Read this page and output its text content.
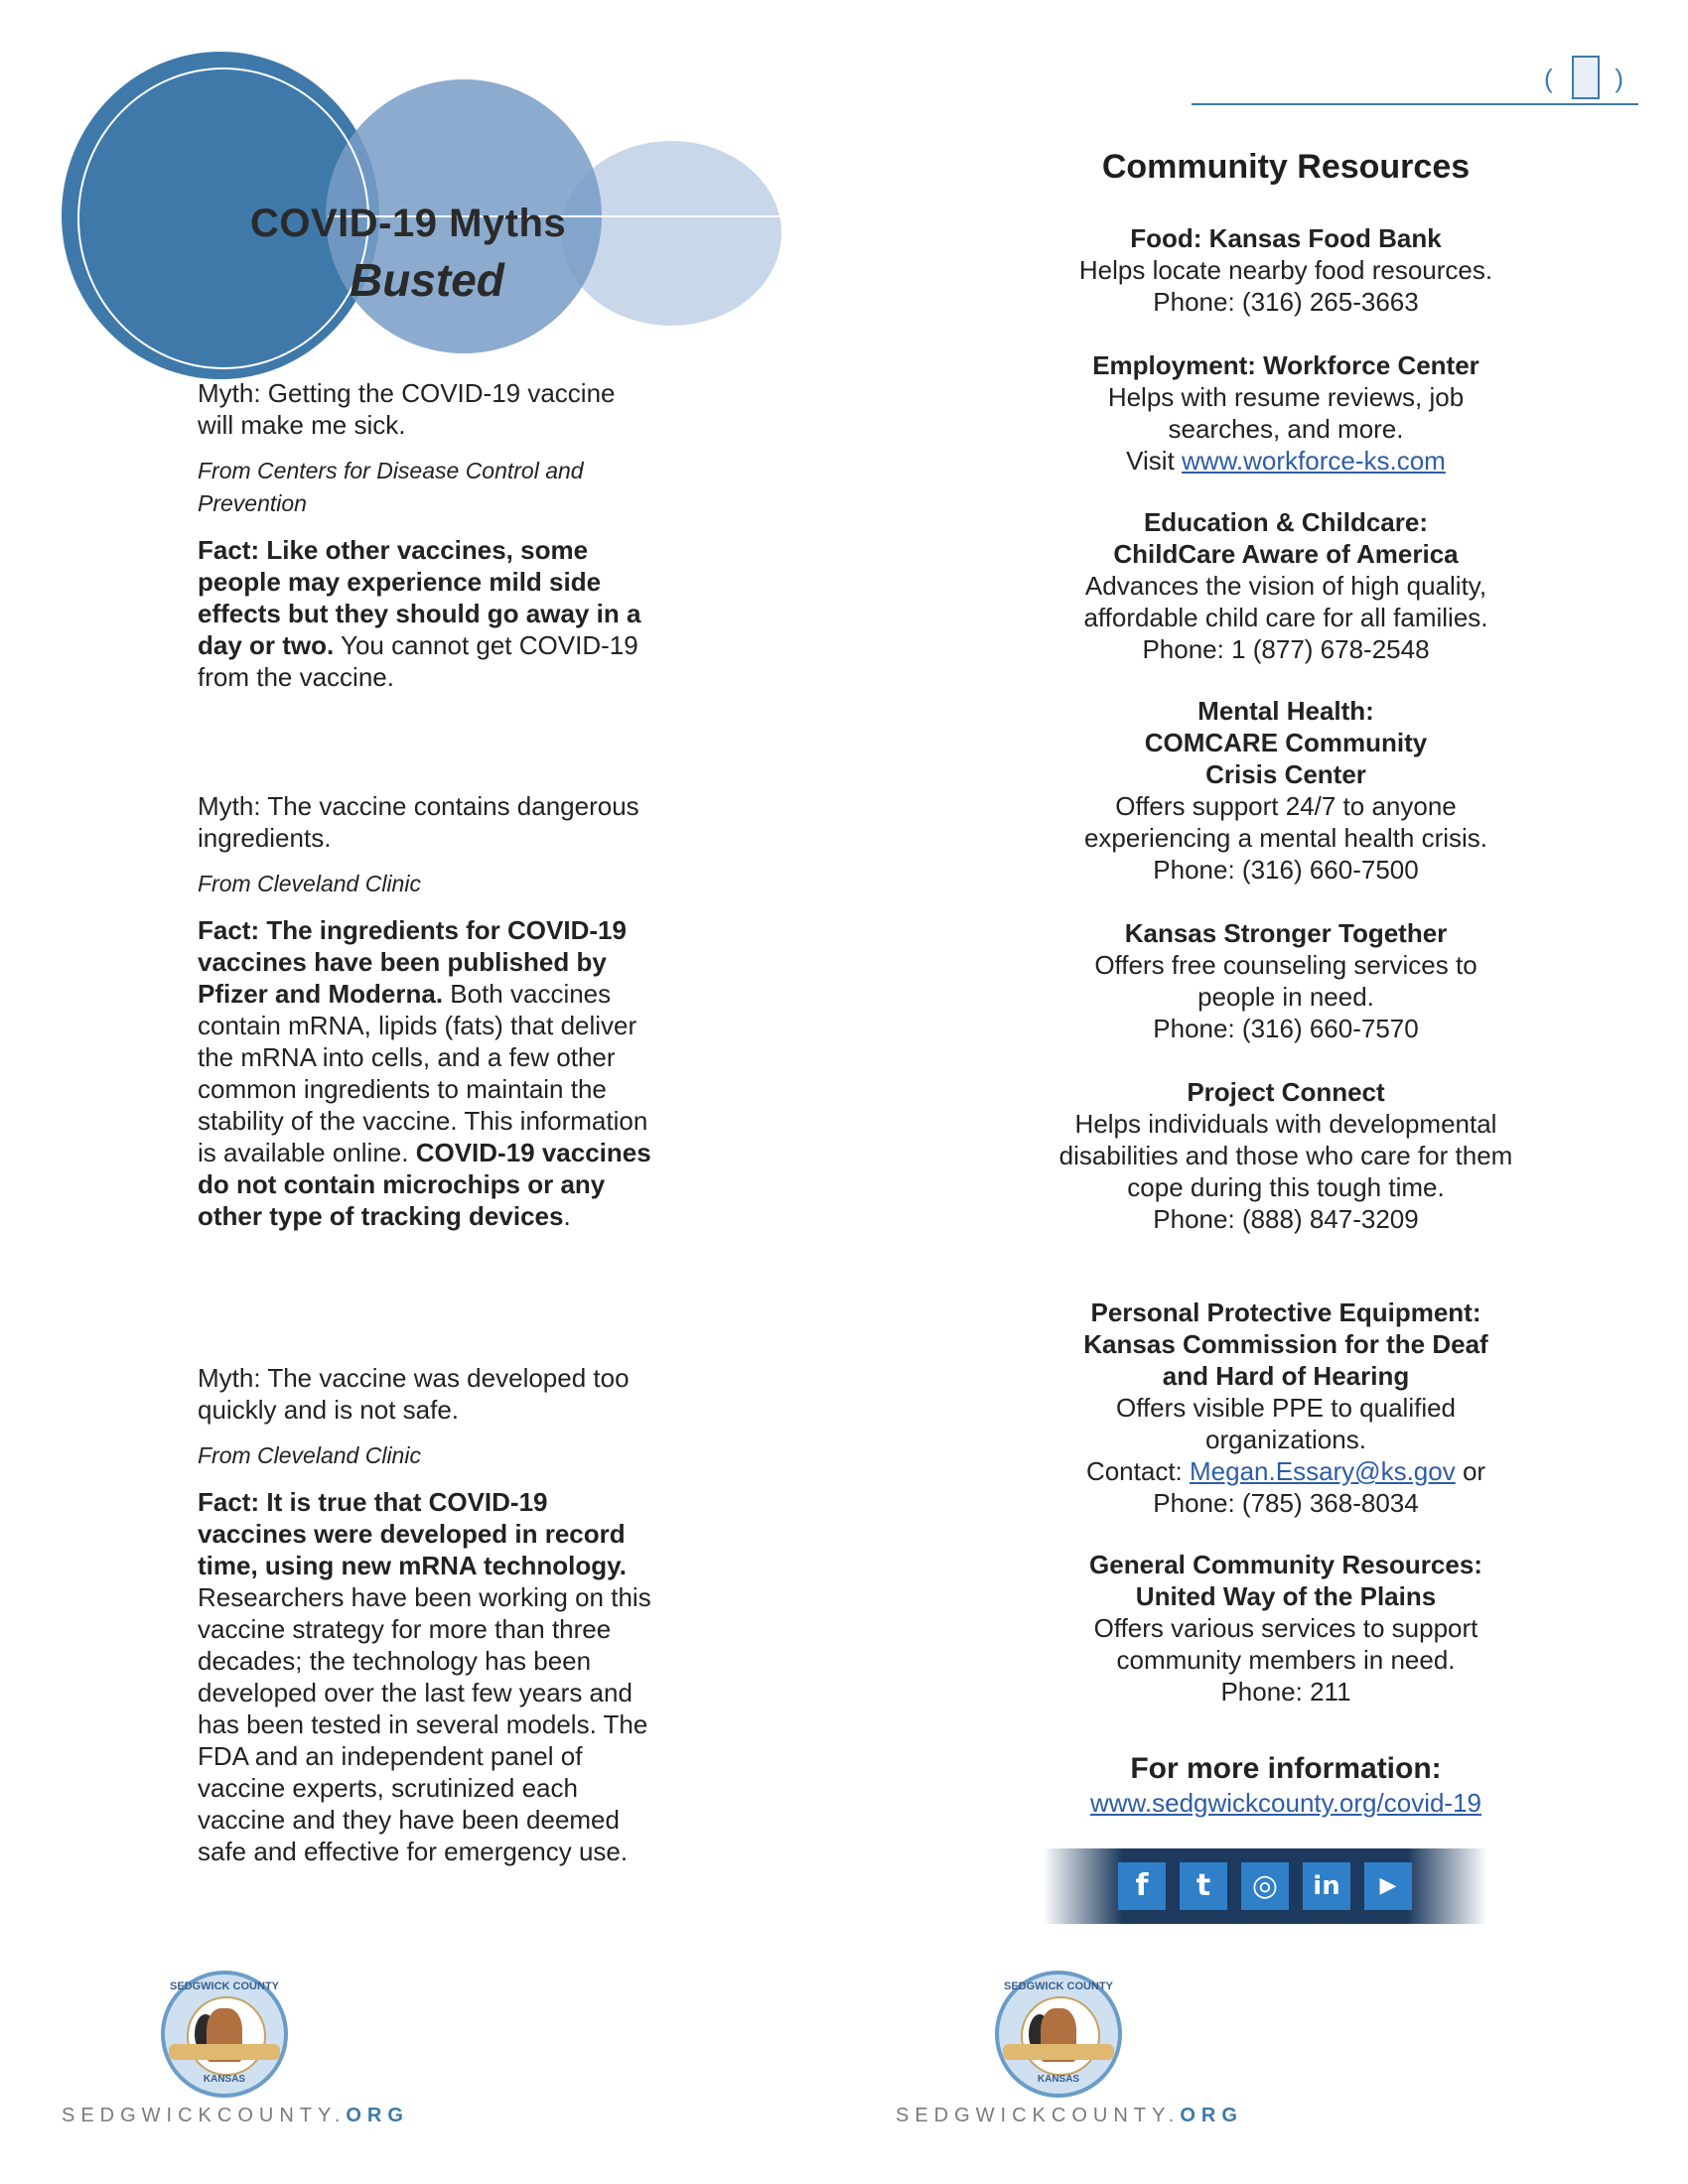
COVID-19 Myths
Busted

Myth: Getting the COVID-19 vaccine will make me sick.

From Centers for Disease Control and Prevention

Fact: Like other vaccines, some people may experience mild side effects but they should go away in a day or two. You cannot get COVID-19 from the vaccine.

Myth: The vaccine contains dangerous ingredients.

From Cleveland Clinic

Fact: The ingredients for COVID-19 vaccines have been published by Pfizer and Moderna. Both vaccines contain mRNA, lipids (fats) that deliver the mRNA into cells, and a few other common ingredients to maintain the stability of the vaccine. This information is available online. COVID-19 vaccines do not contain microchips or any other type of tracking devices.

Myth: The vaccine was developed too quickly and is not safe.

From Cleveland Clinic

Fact: It is true that COVID-19 vaccines were developed in record time, using new mRNA technology. Researchers have been working on this vaccine strategy for more than three decades; the technology has been developed over the last few years and has been tested in several models. The FDA and an independent panel of vaccine experts, scrutinized each vaccine and they have been deemed safe and effective for emergency use.

( )
Community Resources
Food: Kansas Food Bank
Helps locate nearby food resources.
Phone: (316) 265-3663
Employment: Workforce Center
Helps with resume reviews, job searches, and more.
Visit www.workforce-ks.com
Education & Childcare:
ChildCare Aware of America
Advances the vision of high quality, affordable child care for all families.
Phone: 1 (877) 678-2548
Mental Health:
COMCARE Community
Crisis Center
Offers support 24/7 to anyone experiencing a mental health crisis.
Phone: (316) 660-7500
Kansas Stronger Together
Offers free counseling services to people in need.
Phone: (316) 660-7570
Project Connect
Helps individuals with developmental disabilities and those who care for them cope during this tough time.
Phone: (888) 847-3209
Personal Protective Equipment:
Kansas Commission for the Deaf and Hard of Hearing
Offers visible PPE to qualified organizations.
Contact: Megan.Essary@ks.gov or
Phone: (785) 368-8034
General Community Resources:
United Way of the Plains
Offers various services to support community members in need.
Phone: 211
For more information:
www.sedgwickcounty.org/covid-19
f	t	◎	in	▶
SEDGWICK COUNTY
KANSAS
SEDGWICK COUNTY
KANSAS
SEDGWICKCOUNTY.ORG	SEDGWICKCOUNTY.ORG
